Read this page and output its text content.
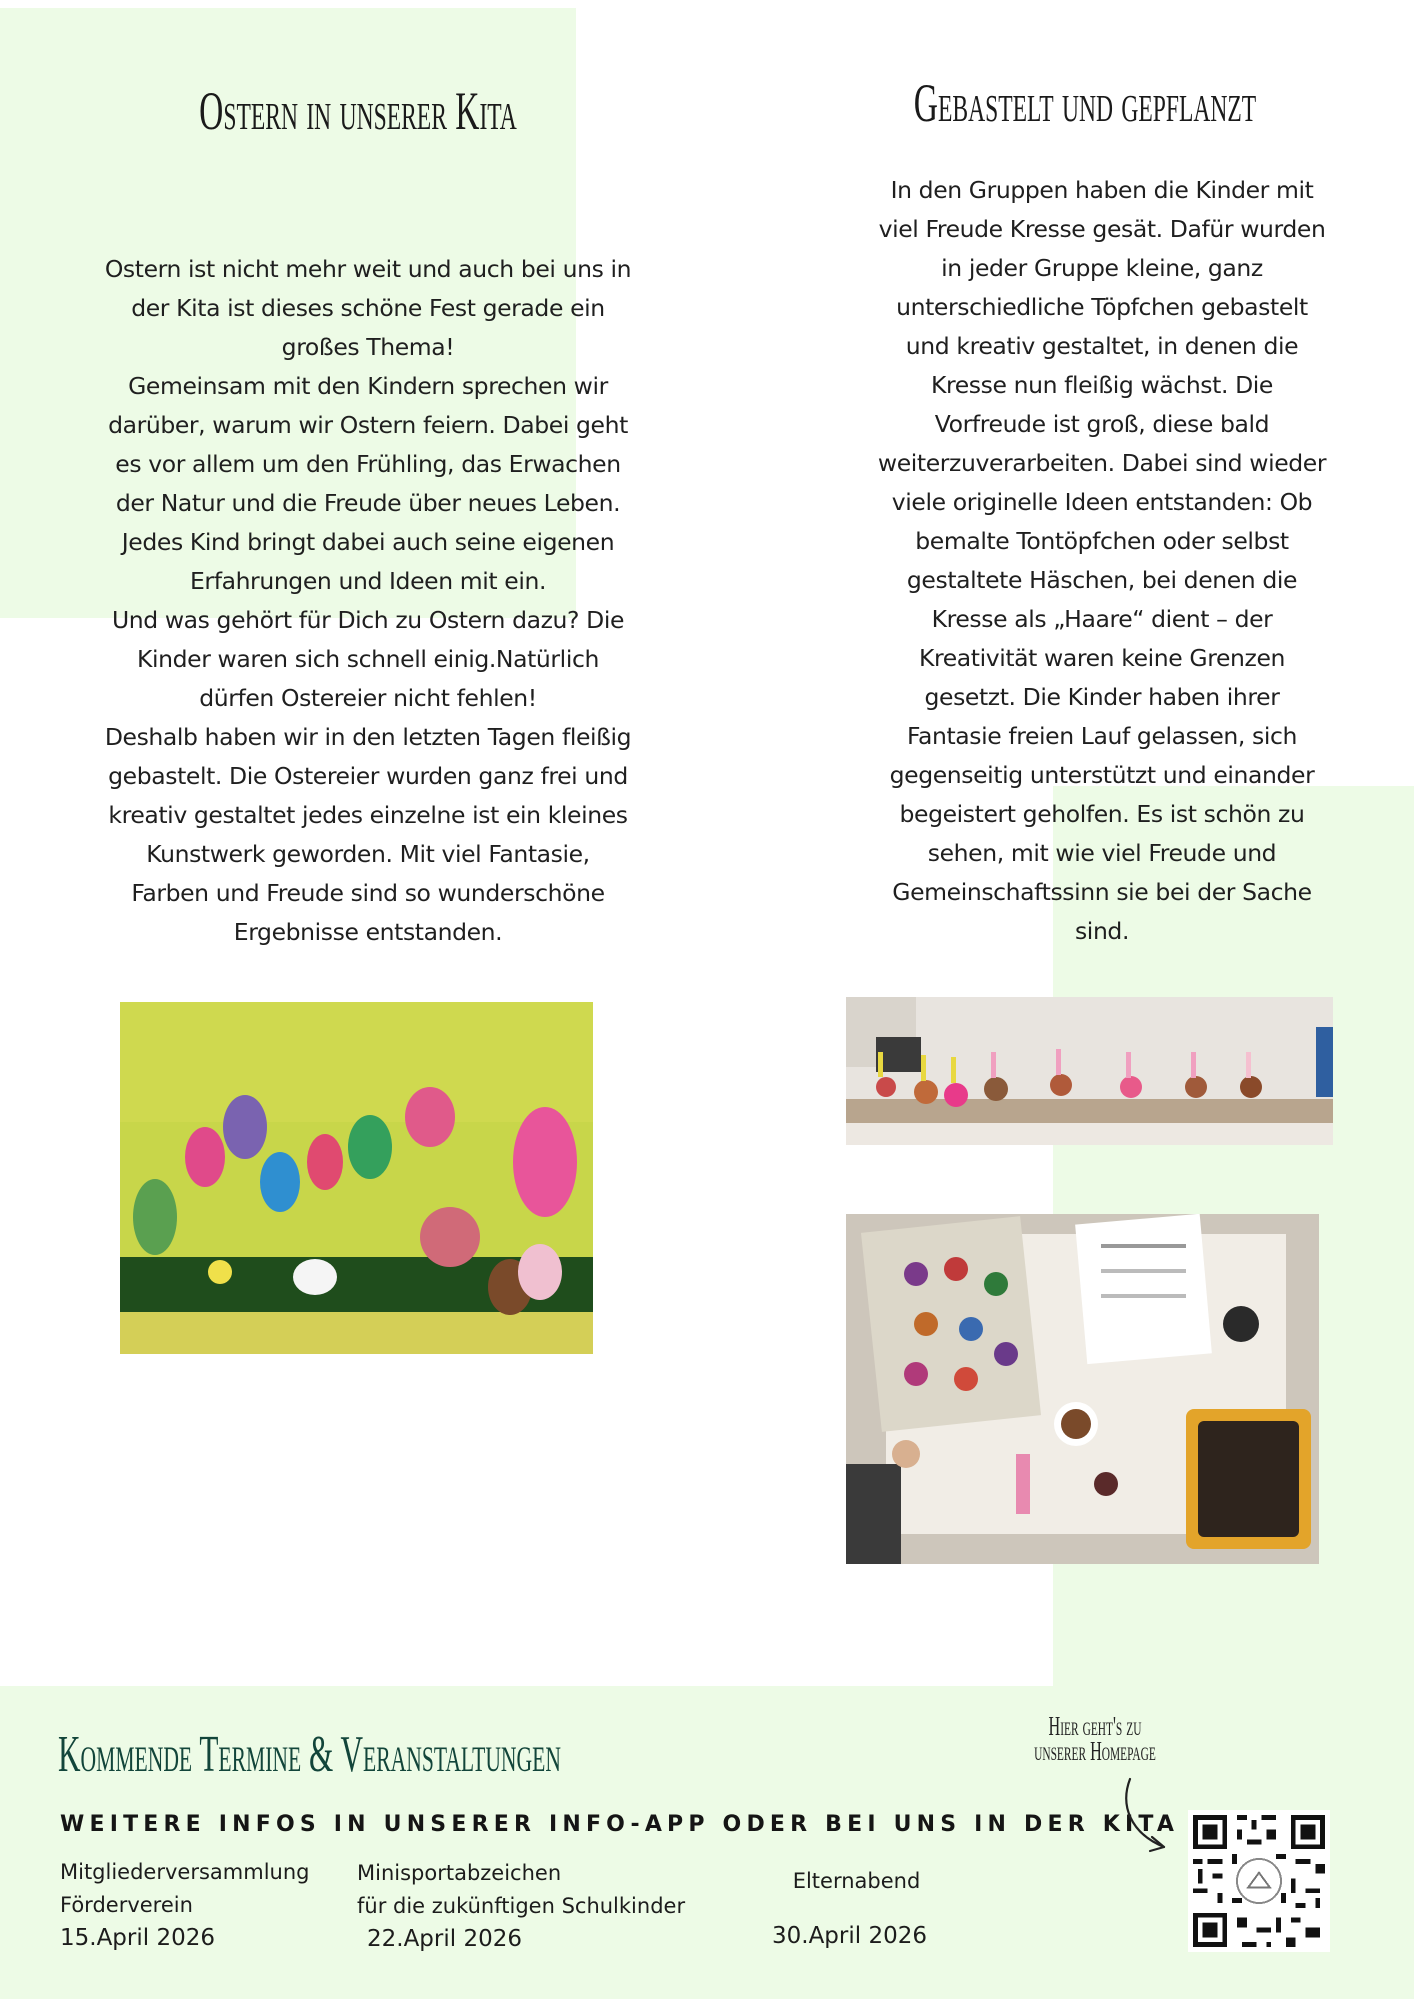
Ostern in unserer Kita
Ostern ist nicht mehr weit und auch bei uns in
der Kita ist dieses schöne Fest gerade ein
großes Thema!
Gemeinsam mit den Kindern sprechen wir
darüber, warum wir Ostern feiern. Dabei geht
es vor allem um den Frühling, das Erwachen
der Natur und die Freude über neues Leben.
Jedes Kind bringt dabei auch seine eigenen
Erfahrungen und Ideen mit ein.
Und was gehört für Dich zu Ostern dazu? Die
Kinder waren sich schnell einig.Natürlich
dürfen Ostereier nicht fehlen!
Deshalb haben wir in den letzten Tagen fleißig
gebastelt. Die Ostereier wurden ganz frei und
kreativ gestaltet jedes einzelne ist ein kleines
Kunstwerk geworden. Mit viel Fantasie,
Farben und Freude sind so wunderschöne
Ergebnisse entstanden.
Gebastelt und gepflanzt
In den Gruppen haben die Kinder mit
viel Freude Kresse gesät. Dafür wurden
in jeder Gruppe kleine, ganz
unterschiedliche Töpfchen gebastelt
und kreativ gestaltet, in denen die
Kresse nun fleißig wächst. Die
Vorfreude ist groß, diese bald
weiterzuverarbeiten. Dabei sind wieder
viele originelle Ideen entstanden: Ob
bemalte Tontöpfchen oder selbst
gestaltete Häschen, bei denen die
Kresse als „Haare“ dient – der
Kreativität waren keine Grenzen
gesetzt. Die Kinder haben ihrer
Fantasie freien Lauf gelassen, sich
gegenseitig unterstützt und einander
begeistert geholfen. Es ist schön zu
sehen, mit wie viel Freude und
Gemeinschaftssinn sie bei der Sache
sind.
Kommende Termine & Veranstaltungen
WEITERE INFOS IN UNSERER INFO-APP ODER BEI UNS IN DER KITA
Mitgliederversammlung
Förderverein
15.April 2026
Minisportabzeichen
für die zukünftigen Schulkinder
22.April 2026
Elternabend
30.April 2026
Hier geht's zu
unserer Homepage
